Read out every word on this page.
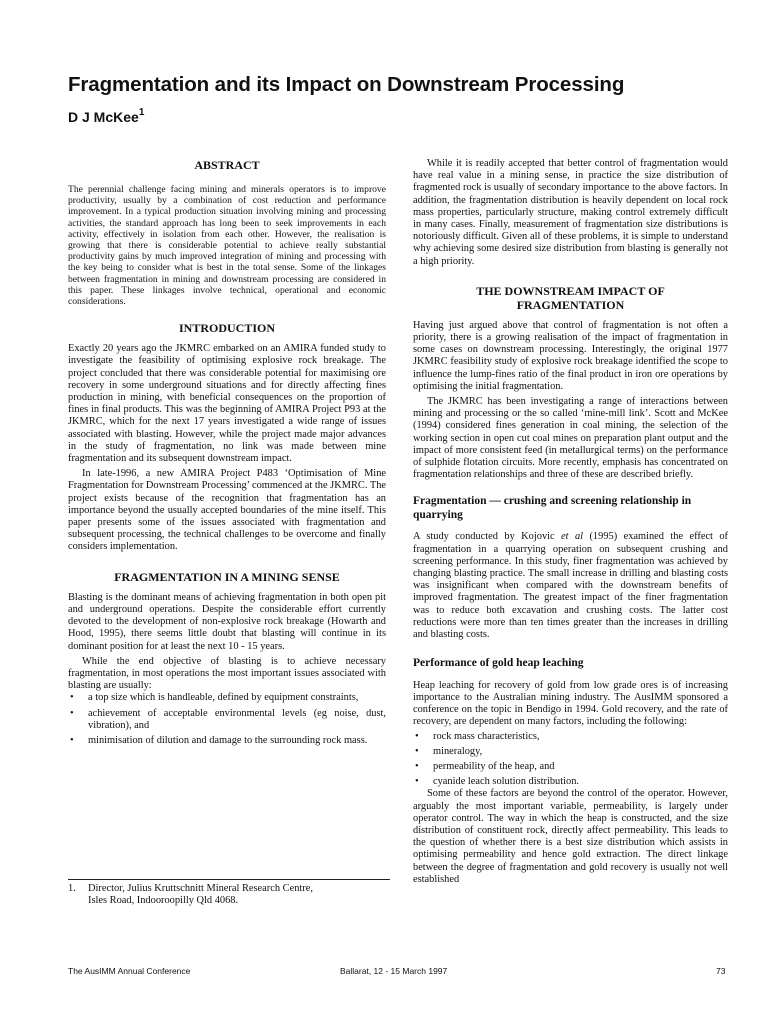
Fragmentation and its Impact on Downstream Processing
D J McKee$^1$
ABSTRACT

The perennial challenge facing mining and minerals operators is to improve productivity, usually by a combination of cost reduction and performance improvement. In a typical production situation involving mining and processing activities, the standard approach has long been to seek improvements in each activity, effectively in isolation from each other. However, the realisation is growing that there is considerable potential to achieve really substantial productivity gains by much improved integration of mining and processing with the key being to consider what is best in the total sense. Some of the linkages between fragmentation in mining and downstream processing are considered in this paper. These linkages involve technical, operational and economic considerations.

INTRODUCTION

Exactly 20 years ago the JKMRC embarked on an AMIRA funded study to investigate the feasibility of optimising explosive rock breakage. The project concluded that there was considerable potential for maximising ore recovery in some underground situations and for directly affecting fines production in mining, with beneficial consequences on the proportion of fines in final products. This was the beginning of AMIRA Project P93 at the JKMRC, which for the next 17 years investigated a wide range of issues associated with blasting. However, while the project made major advances in the study of fragmentation, no link was made between mine fragmentation and its subsequent downstream impact.

In late-1996, a new AMIRA Project P483 ‘Optimisation of Mine Fragmentation for Downstream Processing’ commenced at the JKMRC. The project exists because of the recognition that fragmentation has an importance beyond the usually accepted boundaries of the mine itself. This paper presents some of the issues associated with fragmentation and subsequent processing, the technical challenges to be overcome and finally considers implementation.

FRAGMENTATION IN A MINING SENSE

Blasting is the dominant means of achieving fragmentation in both open pit and underground operations. Despite the considerable effort currently devoted to the development of non-explosive rock breakage (Howarth and Hood, 1995), there seems little doubt that blasting will continue in its dominant position for at least the next 10 - 15 years.

While the end objective of blasting is to achieve necessary fragmentation, in most operations the most important issues associated with blasting are usually:

• a top size which is handleable, defined by equipment constraints,
• achievement of acceptable environmental levels (eg noise, dust, vibration), and
• minimisation of dilution and damage to the surrounding rock mass.
1. Director, Julius Kruttschnitt Mineral Research Centre,
Isles Road, Indooroopilly Qld 4068.

While it is readily accepted that better control of fragmentation would have real value in a mining sense, in practice the size distribution of fragmented rock is usually of secondary importance to the above factors. In addition, the fragmentation distribution is heavily dependent on local rock mass properties, particularly structure, making control extremely difficult in many cases. Finally, measurement of fragmentation size distributions is notoriously difficult. Given all of these problems, it is simple to understand why achieving some desired size distribution from blasting is generally not a high priority.

THE DOWNSTREAM IMPACT OF FRAGMENTATION

Having just argued above that control of fragmentation is not often a priority, there is a growing realisation of the impact of fragmentation in some cases on downstream processing. Interestingly, the original 1977 JKMRC feasibility study of explosive rock breakage identified the scope to influence the lump-fines ratio of the final product in iron ore operations by optimising the initial fragmentation.

The JKMRC has been investigating a range of interactions between mining and processing or the so called ‘mine-mill link’. Scott and McKee (1994) considered fines generation in coal mining, the selection of the working section in open cut coal mines on preparation plant output and the impact of more consistent feed (in metallurgical terms) on the performance of sulphide flotation circuits. More recently, emphasis has concentrated on fragmentation relationships and three of these are described briefly.

Fragmentation — crushing and screening relationship in quarrying

A study conducted by Kojovic et al (1995) examined the effect of fragmentation in a quarrying operation on subsequent crushing and screening performance. In this study, finer fragmentation was achieved by changing blasting practice. The small increase in drilling and blasting costs was insignificant when compared with the downstream benefits of improved fragmentation. The greatest impact of the finer fragmentation was to reduce both excavation and crushing costs. The latter cost reductions were more than ten times greater than the increases in drilling and blasting costs.

Performance of gold heap leaching

Heap leaching for recovery of gold from low grade ores is of increasing importance to the Australian mining industry. The AusIMM sponsored a conference on the topic in Bendigo in 1994. Gold recovery, and the rate of recovery, are dependent on many factors, including the following:

• rock mass characteristics,
• mineralogy,
• permeability of the heap, and
• cyanide leach solution distribution.

Some of these factors are beyond the control of the operator. However, arguably the most important variable, permeability, is largely under operator control. The way in which the heap is constructed, and the size distribution of constituent rock, directly affect permeability. This leads to the question of whether there is a best size distribution which assists in optimising permeability and hence gold extraction. The direct linkage between the degree of fragmentation and gold recovery is usually not well established

The AusIMM Annual Conference	Ballarat, 12 - 15 March 1997	73
